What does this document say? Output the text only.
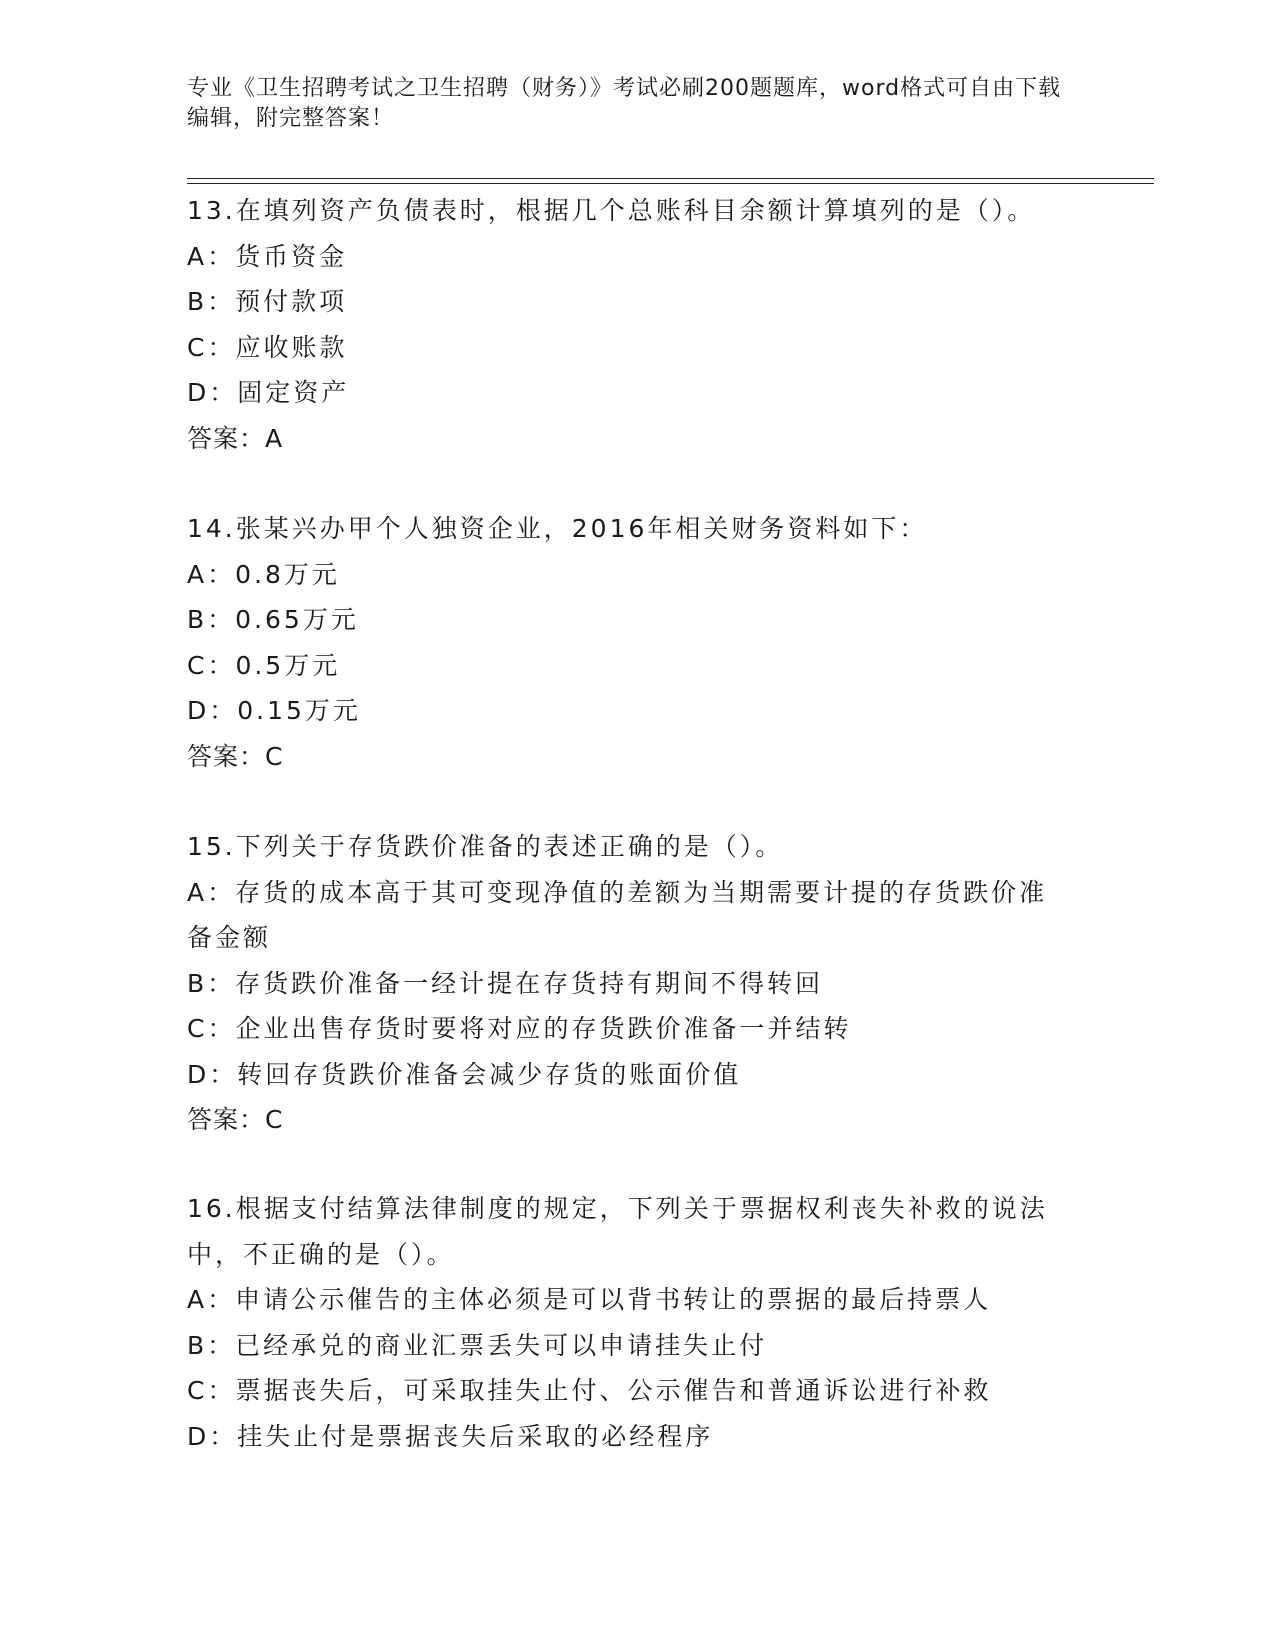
专业《卫生招聘考试之卫生招聘（财务）》考试必刷200题题库，word格式可自由下载编辑，附完整答案！
13.在填列资产负债表时，根据几个总账科目余额计算填列的是（）。
A：货币资金
B：预付款项
C：应收账款
D：固定资产
答案：A
14.张某兴办甲个人独资企业，2016年相关财务资料如下：
A：0.8万元
B：0.65万元
C：0.5万元
D：0.15万元
答案：C
15.下列关于存货跌价准备的表述正确的是（）。
A：存货的成本高于其可变现净值的差额为当期需要计提的存货跌价准
备金额
B：存货跌价准备一经计提在存货持有期间不得转回
C：企业出售存货时要将对应的存货跌价准备一并结转
D：转回存货跌价准备会减少存货的账面价值
答案：C
16.根据支付结算法律制度的规定，下列关于票据权利丧失补救的说法
中，不正确的是（）。
A：申请公示催告的主体必须是可以背书转让的票据的最后持票人
B：已经承兑的商业汇票丢失可以申请挂失止付
C：票据丧失后，可采取挂失止付、公示催告和普通诉讼进行补救
D：挂失止付是票据丧失后采取的必经程序
